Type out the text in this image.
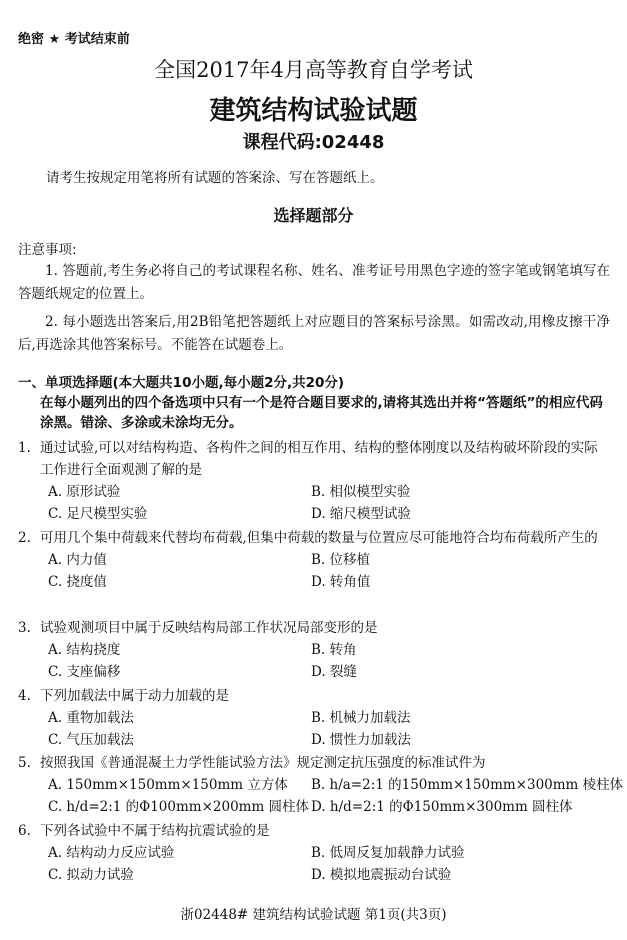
绝密 ★ 考试结束前
全国2017年4月高等教育自学考试
建筑结构试验试题
课程代码:02448
请考生按规定用笔将所有试题的答案涂、写在答题纸上。
选择题部分
注意事项:
1. 答题前,考生务必将自己的考试课程名称、姓名、准考证号用黑色字迹的签字笔或钢笔填写在答题纸规定的位置上。
2. 每小题选出答案后,用2B铅笔把答题纸上对应题目的答案标号涂黑。如需改动,用橡皮擦干净后,再选涂其他答案标号。不能答在试题卷上。
一、单项选择题(本大题共10小题,每小题2分,共20分)
在每小题列出的四个备选项中只有一个是符合题目要求的,请将其选出并将“答题纸”的相应代码涂黑。错涂、多涂或未涂均无分。
1. 通过试验,可以对结构构造、各构件之间的相互作用、结构的整体刚度以及结构破坏阶段的实际工作进行全面观测了解的是
A. 原形试验	B. 相似模型实验
C. 足尺模型实验	D. 缩尺模型试验
2. 可用几个集中荷载来代替均布荷载,但集中荷载的数量与位置应尽可能地符合均布荷载所产生的
A. 内力值	B. 位移植
C. 挠度值	D. 转角值
3. 试验观测项目中属于反映结构局部工作状况局部变形的是
A. 结构挠度	B. 转角
C. 支座偏移	D. 裂缝
4. 下列加载法中属于动力加载的是
A. 重物加载法	B. 机械力加载法
C. 气压加载法	D. 惯性力加载法
5. 按照我国《普通混凝土力学性能试验方法》规定测定抗压强度的标准试件为
A. 150mm×150mm×150mm 立方体 B. h/a=2:1 的150mm×150mm×300mm 棱柱体
C. h/d=2:1 的Φ100mm×200mm 圆柱体 D. h/d=2:1 的Φ150mm×300mm 圆柱体
6. 下列各试验中不属于结构抗震试验的是
A. 结构动力反应试验	B. 低周反复加载静力试验
C. 拟动力试验	D. 模拟地震振动台试验
浙02448# 建筑结构试验试题 第1页(共3页)
